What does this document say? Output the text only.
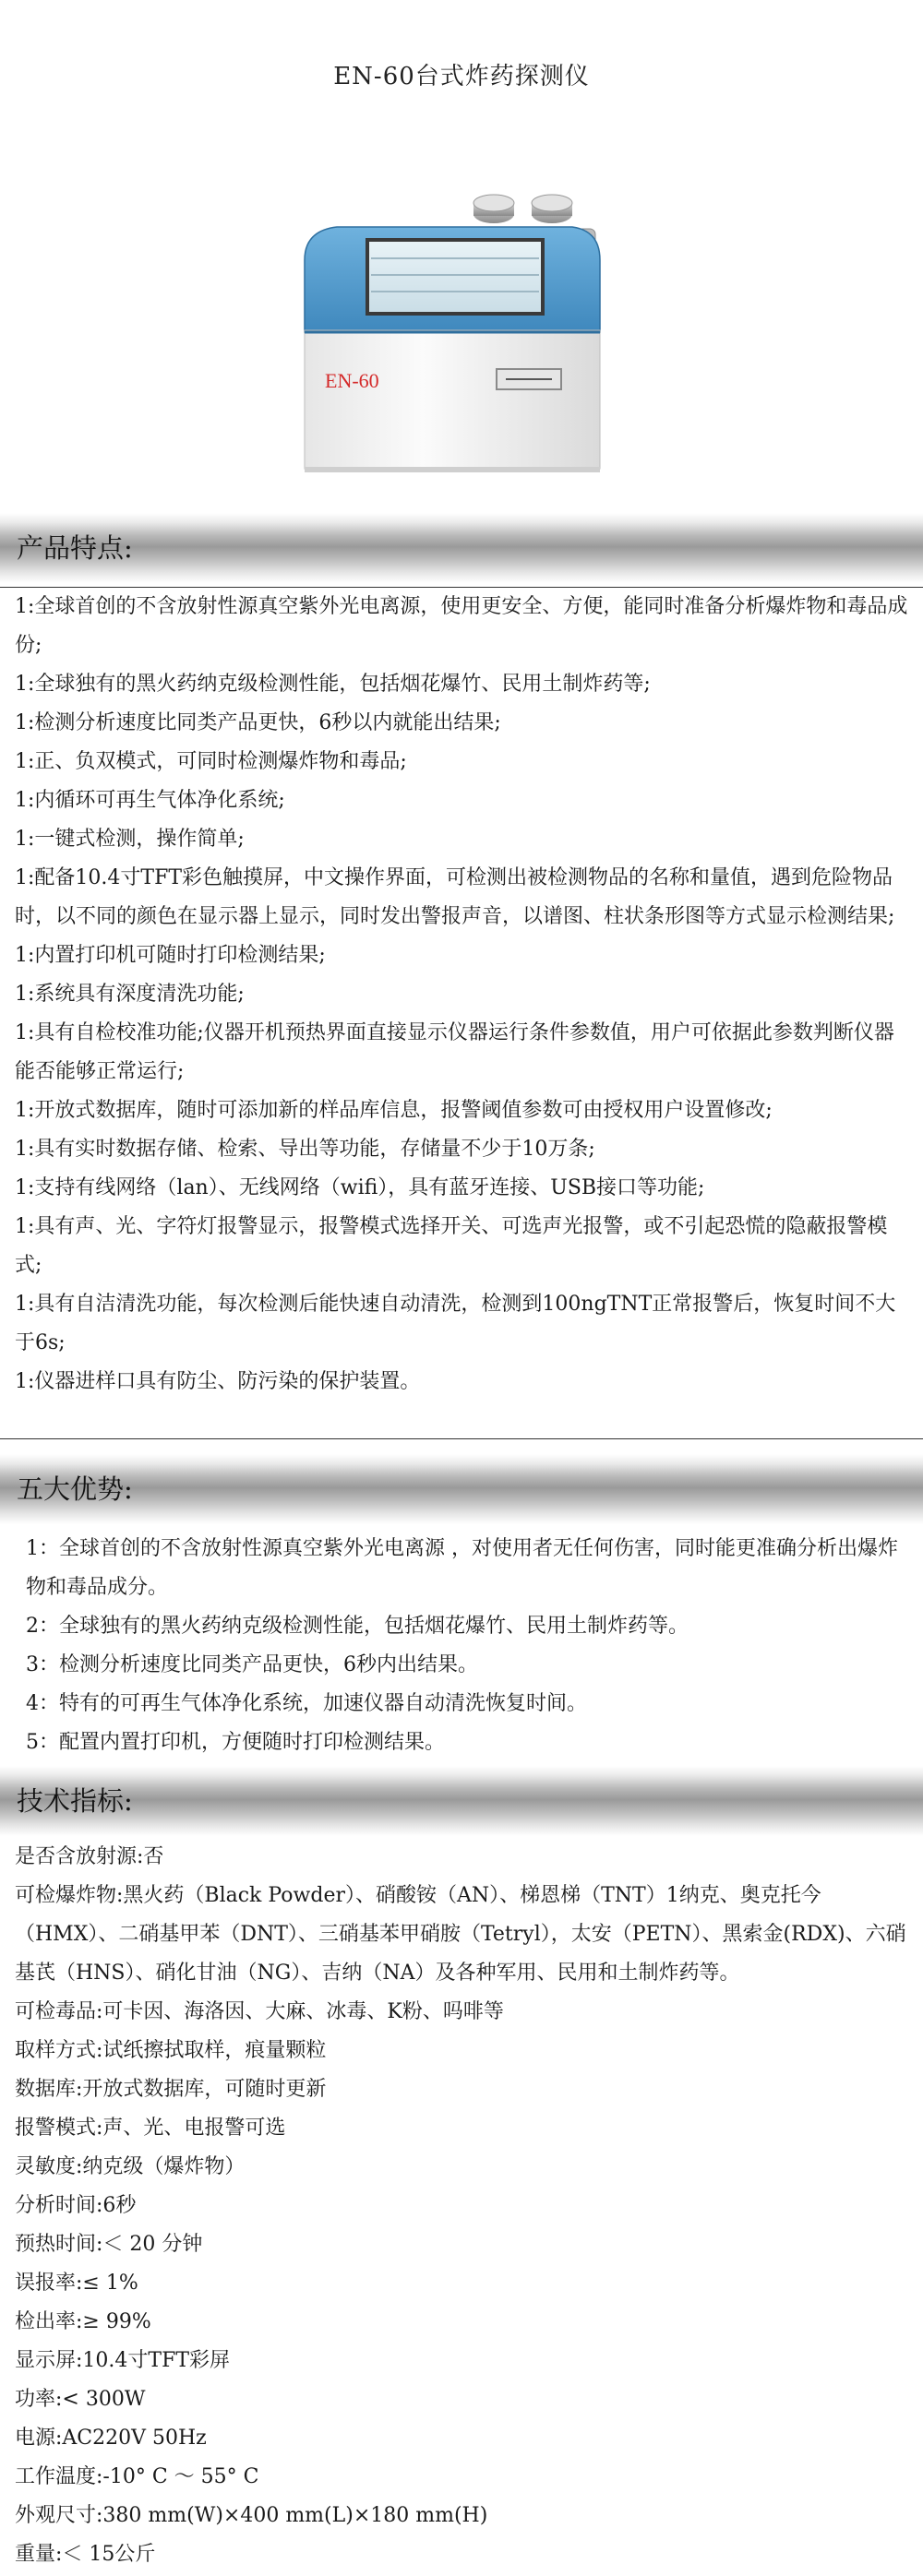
EN-60台式炸药探测仪
EN-60
产品特点:

1:全球首创的不含放射性源真空紫外光电离源，使用更安全、方便，能同时准备分析爆炸物和毒品成份;

1:全球独有的黑火药纳克级检测性能，包括烟花爆竹、民用土制炸药等;

1:检测分析速度比同类产品更快，6秒以内就能出结果;

1:正、负双模式，可同时检测爆炸物和毒品;

1:内循环可再生气体净化系统;

1:一键式检测，操作简单;

1:配备10.4寸TFT彩色触摸屏，中文操作界面，可检测出被检测物品的名称和量值，遇到危险物品时，以不同的颜色在显示器上显示，同时发出警报声音，以谱图、柱状条形图等方式显示检测结果;

1:内置打印机可随时打印检测结果;

1:系统具有深度清洗功能;

1:具有自检校准功能;仪器开机预热界面直接显示仪器运行条件参数值，用户可依据此参数判断仪器能否能够正常运行;

1:开放式数据库，随时可添加新的样品库信息，报警阈值参数可由授权用户设置修改;

1:具有实时数据存储、检索、导出等功能，存储量不少于10万条;

1:支持有线网络（lan）、无线网络（wifi），具有蓝牙连接、USB接口等功能;

1:具有声、光、字符灯报警显示，报警模式选择开关、可选声光报警，或不引起恐慌的隐蔽报警模式;

1:具有自洁清洗功能，每次检测后能快速自动清洗，检测到100ngTNT正常报警后，恢复时间不大于6s;

1:仪器进样口具有防尘、防污染的保护装置。

五大优势:

1：全球首创的不含放射性源真空紫外光电离源 ，对使用者无任何伤害，同时能更准确分析出爆炸物和毒品成分。

2：全球独有的黑火药纳克级检测性能，包括烟花爆竹、民用土制炸药等。

3：检测分析速度比同类产品更快，6秒内出结果。

4：特有的可再生气体净化系统，加速仪器自动清洗恢复时间。

5：配置内置打印机，方便随时打印检测结果。

技术指标:

是否含放射源:否

可检爆炸物:黑火药（Black Powder）、硝酸铵（AN）、梯恩梯（TNT）1纳克、奥克托今（HMX）、二硝基甲苯（DNT）、三硝基苯甲硝胺（Tetryl），太安（PETN）、黑索金(RDX)、六硝基芪（HNS）、硝化甘油（NG）、吉纳（NA）及各种军用、民用和土制炸药等。

可检毒品:可卡因、海洛因、大麻、冰毒、K粉、吗啡等

取样方式:试纸擦拭取样，痕量颗粒

数据库:开放式数据库，可随时更新

报警模式:声、光、电报警可选

灵敏度:纳克级（爆炸物）

分析时间:6秒

预热时间:＜ 20 分钟

误报率:≤ 1%

检出率:≥ 99%

显示屏:10.4寸TFT彩屏

功率:< 300W

电源:AC220V 50Hz

工作温度:-10° C ～ 55° C

外观尺寸:380 mm(W)×400 mm(L)×180 mm(H)

重量:＜ 15公斤
